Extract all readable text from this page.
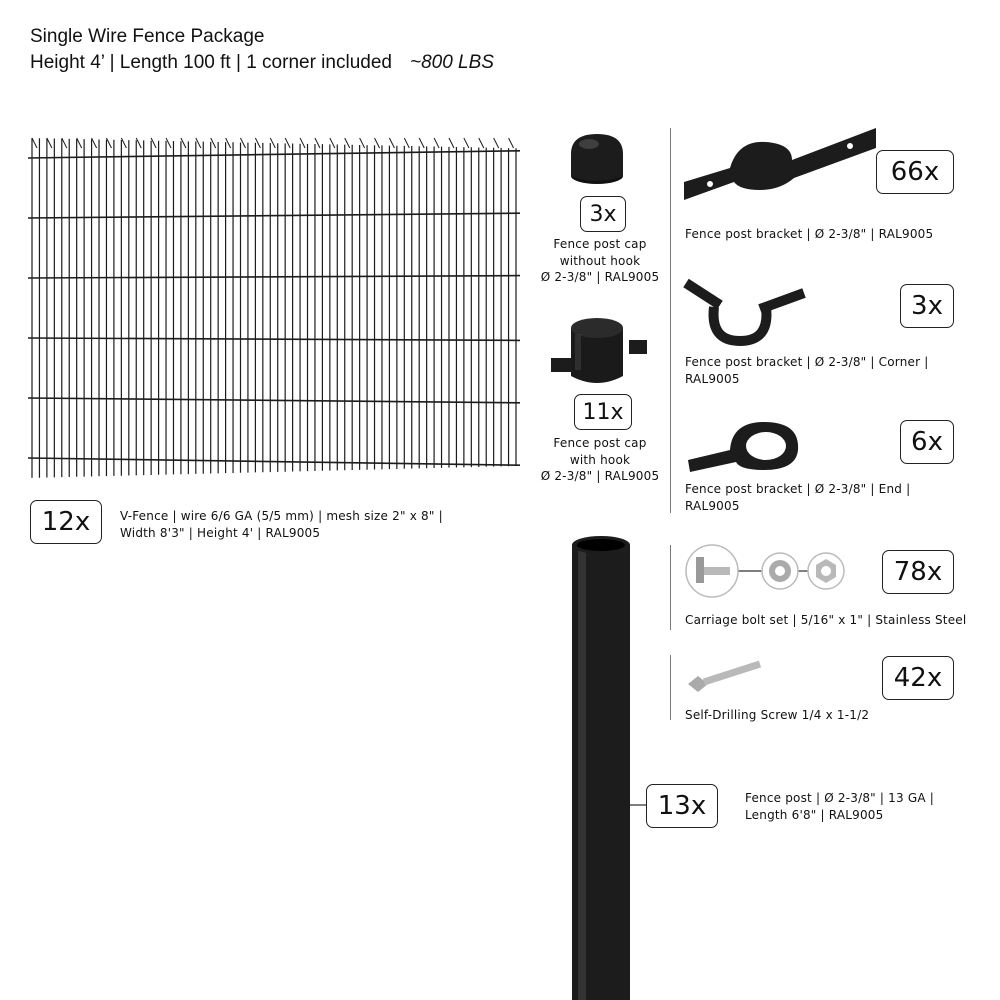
Single Wire Fence Package
Height 4’ | Length 100 ft | 1 corner included ~800 LBS
12x	V-Fence | wire 6/6 GA (5/5 mm) | mesh size 2" x 8" |
Width 8'3" | Height 4' | RAL9005
3x
Fence post cap
without hook
Ø 2-3/8" | RAL9005
11x
Fence post cap
with hook
Ø 2-3/8" | RAL9005
66x
Fence post bracket | Ø 2-3/8" | RAL9005
3x
Fence post bracket | Ø 2-3/8" | Corner |
RAL9005
6x
Fence post bracket | Ø 2-3/8" | End |
RAL9005
78x
Carriage bolt set | 5/16" x 1" | Stainless Steel
42x
Self-Drilling Screw 1/4 x 1-1/2
13x	Fence post | Ø 2-3/8" | 13 GA |
Length 6'8" | RAL9005
